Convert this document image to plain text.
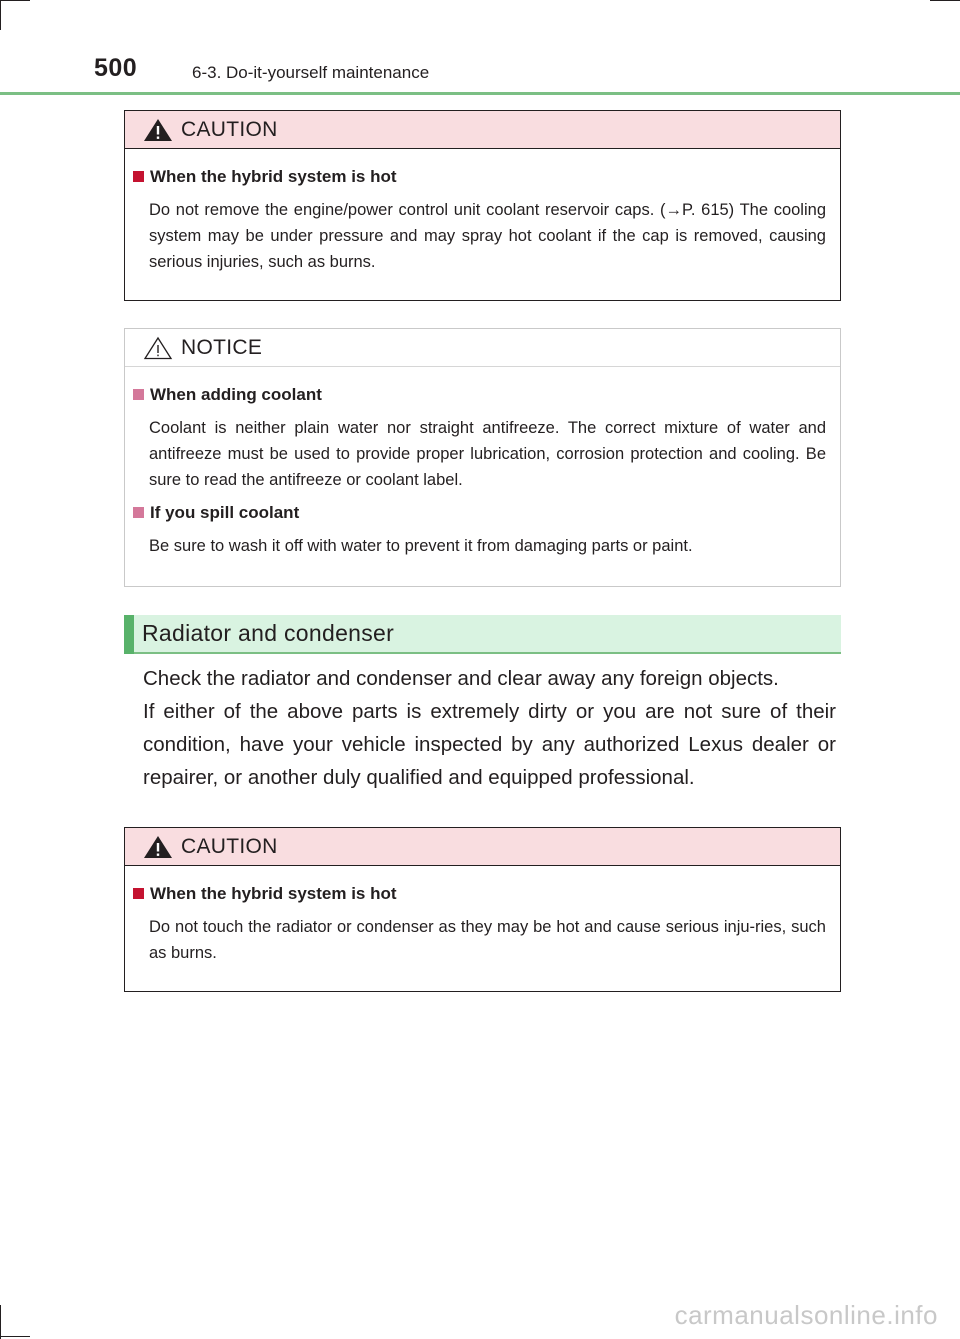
500	6-3. Do-it-yourself maintenance
CAUTION
When the hybrid system is hot
Do not remove the engine/power control unit coolant reservoir caps. (→P. 615) The cooling system may be under pressure and may spray hot coolant if the cap is removed, causing serious injuries, such as burns.
NOTICE
When adding coolant
Coolant is neither plain water nor straight antifreeze. The correct mixture of water and antifreeze must be used to provide proper lubrication, corrosion protection and cooling. Be sure to read the antifreeze or coolant label.
If you spill coolant
Be sure to wash it off with water to prevent it from damaging parts or paint.
Radiator and condenser

Check the radiator and condenser and clear away any foreign objects.

If either of the above parts is extremely dirty or you are not sure of their condition, have your vehicle inspected by any authorized Lexus dealer or repairer, or another duly qualified and equipped professional.

CAUTION
When the hybrid system is hot
Do not touch the radiator or condenser as they may be hot and cause serious inju-ries, such as burns.
carmanualsonline.info
